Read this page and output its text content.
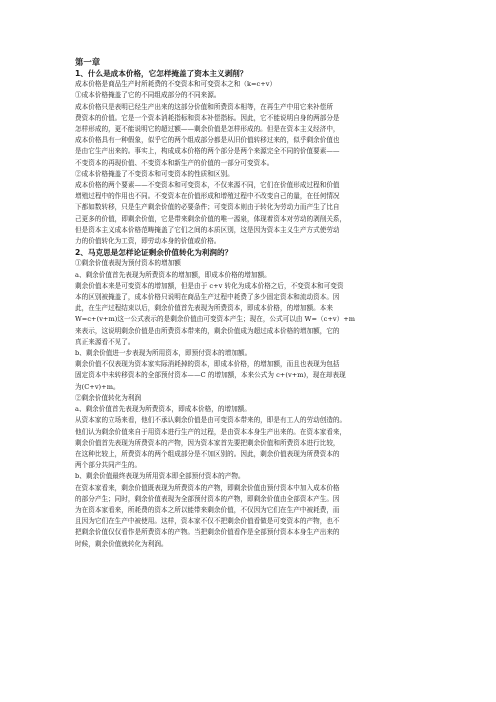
第一章

1、什么是成本价格，它怎样掩盖了资本主义剥削？

成本价格是商品生产时所耗费的不变资本和可变资本之和（k=c+v）

①成本价格掩盖了它的不同组成部分的不同来源。

成本价格只是表明已经生产出来的这部分价值和所费资本相等，在再生产中用它来补偿所

费资本的价值。它是一个资本消耗指标和资本补偿指标。因此，它不能说明自身的两部分是

怎样形成的，更不能说明它的超过额——剩余价值是怎样形成的。但是在资本主义经济中，

成本价格具有一种假象，似乎它的两个组成部分都是从旧价值转移过来的，似乎剩余价值也

是由它生产出来的。事实上，构成成本价格的两个部分是两个来源完全不同的价值要素——

不变资本的再现价值、不变资本和新生产的价值的一部分可变资本。

②成本价格掩盖了不变资本和可变资本的性质和区别。

成本价格的两个要素——不变资本和可变资本，不仅来源不同，它们在价值形成过程和价值

增殖过程中的作用也不同。不变资本在价值形成和增殖过程中不改变自己的量，在任何情况

下都如数转移，只是生产剩余价值的必要条件；可变资本则由于转化为劳动力而产生了比自

己更多的价值，即剩余价值，它是带来剩余价值的唯一源泉，体现着资本对劳动的剥削关系，

但是资本主义成本价格范畴掩盖了它们之间的本质区别，这是因为资本主义生产方式使劳动

力的价值转化为工资，即劳动本身的价值或价格。

2、马克思是怎样论证剩余价值转化为利润的？

①剩余价值表现为预付资本的增加额

a、剩余价值首先表现为所费资本的增加额，即成本价格的增加额。

剩余价值本来是可变资本的增加额，但是由于 c+v 转化为成本价格之后，不变资本和可变资

本的区别被掩盖了，成本价格只说明在商品生产过程中耗费了多少固定资本和流动资本。因

此，在生产过程结束以后，剩余价值首先表现为所费资本，即成本价格，的增加额。本来

W=c+(v+m)这一公式表示的是剩余价值由可变资本产生；现在，公式可以由 W=（c+v）+m

来表示，这说明剩余价值是由所费资本带来的，剩余价值成为超过成本价格的增加额，它的

真正来源看不见了。

b、剩余价值进一步表现为所用资本，即预付资本的增加额。

剩余价值不仅表现为资本家实际消耗掉的资本，即成本价格，的增加额，而且也表现为包括

固定资本中未转移资本的全部预付资本——C 的增加额，本来公式为 c+(v+m)，现在却表现

为(C+v)+m。

②剩余价值转化为利润

a、剩余价值首先表现为所费资本，即成本价格，的增加额。

从资本家的立场来看，他们不承认剩余价值是由可变资本带来的，即是有工人的劳动创造的。

他们认为剩余价值来自于用资本进行生产的过程，是由资本本身生产出来的。在资本家看来，

剩余价值首先表现为所费资本的产物，因为资本家首先要把剩余价值和所费资本进行比较，

在这种比较上，所费资本的两个组成部分是不加区别的。因此，剩余价值表现为所费资本的

两个部分共同产生的。

b、剩余价值最终表现为所用资本即全部预付资本的产物。

在资本家看来，剩余价值既表现为所费资本的产物，即剩余价值由预付资本中加入成本价格

的部分产生；同时，剩余价值表现为全部预付资本的产物，即剩余价值由全部资本产生。因

为在资本家看来，所耗费的资本之所以能带来剩余价值，不仅因为它们在生产中被耗费，而

且因为它们在生产中被使用。这样，资本家不仅不把剩余价值看做是可变资本的产物，也不

把剩余价值仅仅看作是所费资本的产物。当把剩余价值看作是全部预付资本本身生产出来的

时候，剩余价值就转化为利润。
